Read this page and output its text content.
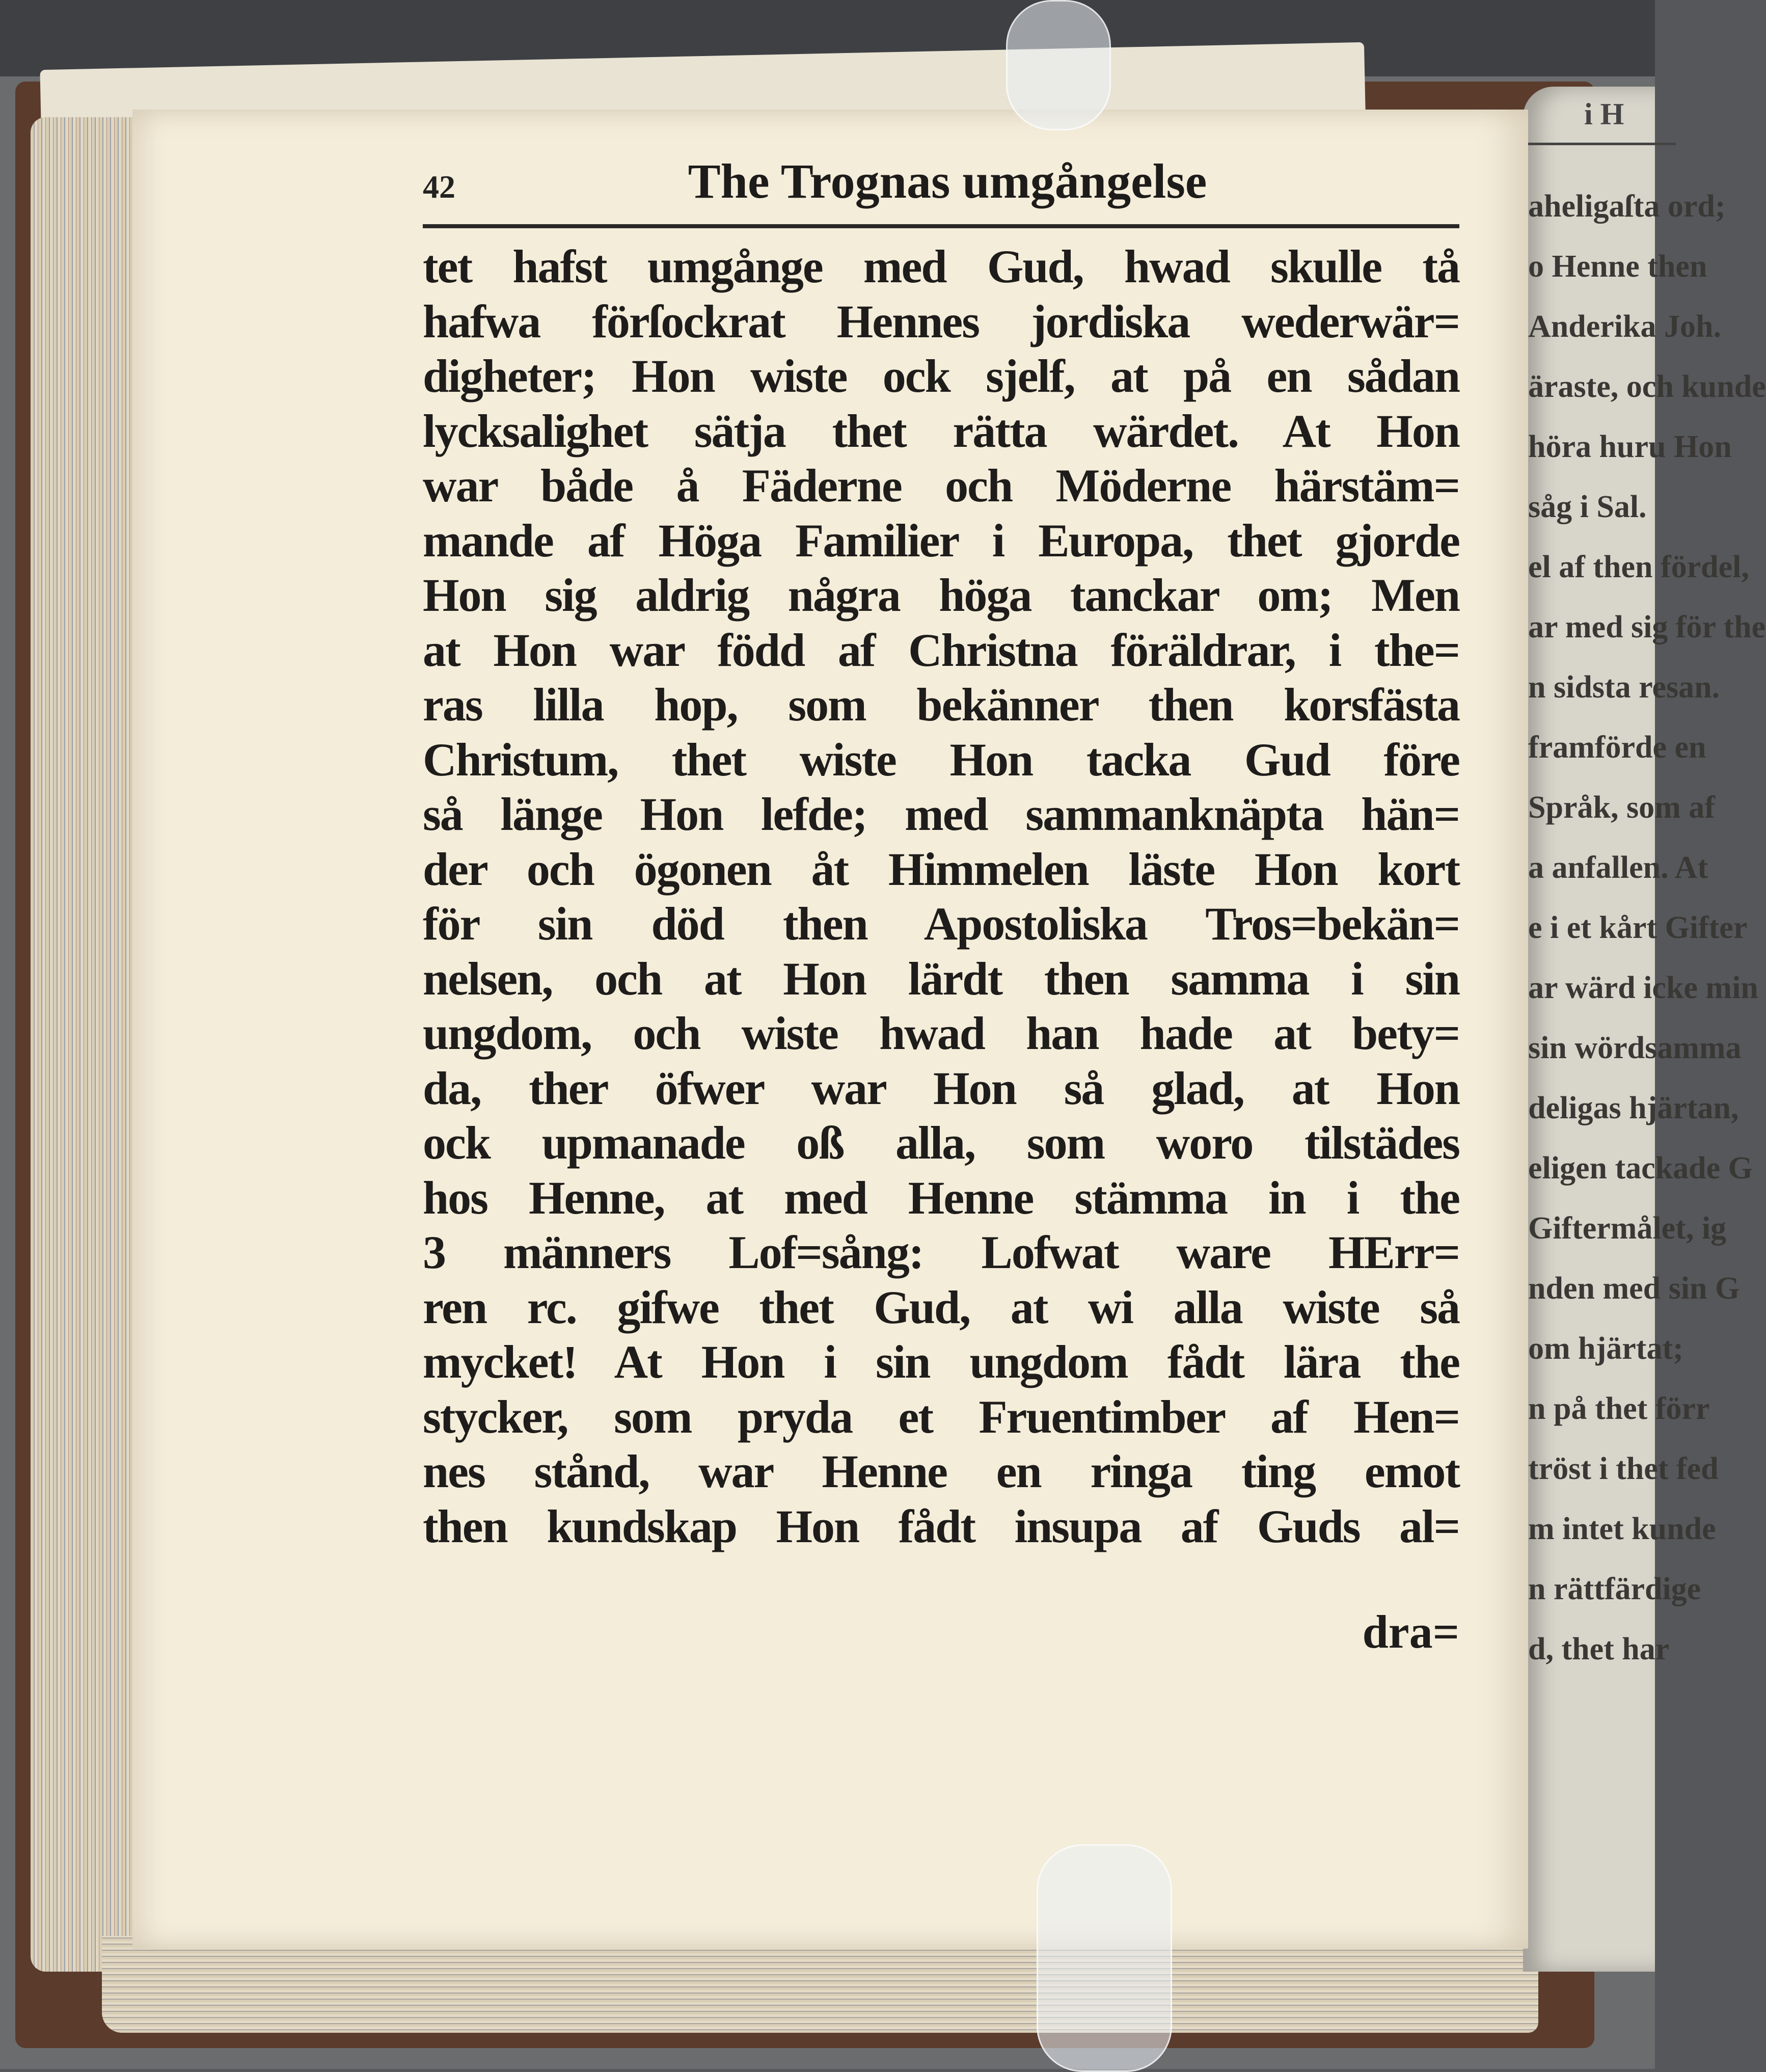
i H
aheligaſta ord;
o Henne then
Anderika Joh.
äraste, och kunde
höra huru Hon
såg i Sal.
el af then fördel,
ar med sig för the
n sidsta resan.
framförde en
Språk, som af
a anfallen. At
e i et kårt Gifter
ar wärd icke min
sin wördsamma
deligas hjärtan,
eligen tackade G
Giftermålet, ig
nden med sin G
om hjärtat;
n på thet förr
tröst i thet fed
m intet kunde
n rättfärdige
d, thet har
42	The Trognas umgångelse
tet hafst umgånge med Gud, hwad skulle tå
hafwa förſockrat Hennes jordiska wederwär=
digheter; Hon wiste ock sjelf, at på en sådan
lycksalighet sätja thet rätta wärdet. At Hon
war både å Fäderne och Möderne härstäm=
mande af Höga Familier i Europa, thet gjorde
Hon sig aldrig några höga tanckar om; Men
at Hon war född af Christna föräldrar, i the=
ras lilla hop, som bekänner then korsfästa
Christum, thet wiste Hon tacka Gud före
så länge Hon lefde; med sammanknäpta hän=
der och ögonen åt Himmelen läste Hon kort
för sin död then Apostoliska Tros=bekän=
nelsen, och at Hon lärdt then samma i sin
ungdom, och wiste hwad han hade at bety=
da, ther öfwer war Hon så glad, at Hon
ock upmanade oß alla, som woro tilstädes
hos Henne, at med Henne stämma in i the
3 männers Lof=sång: Lofwat ware HErr=
ren rc. gifwe thet Gud, at wi alla wiste så
mycket! At Hon i sin ungdom fådt lära the
stycker, som pryda et Fruentimber af Hen=
nes stånd, war Henne en ringa ting emot
then kundskap Hon fådt insupa af Guds al=
dra=
